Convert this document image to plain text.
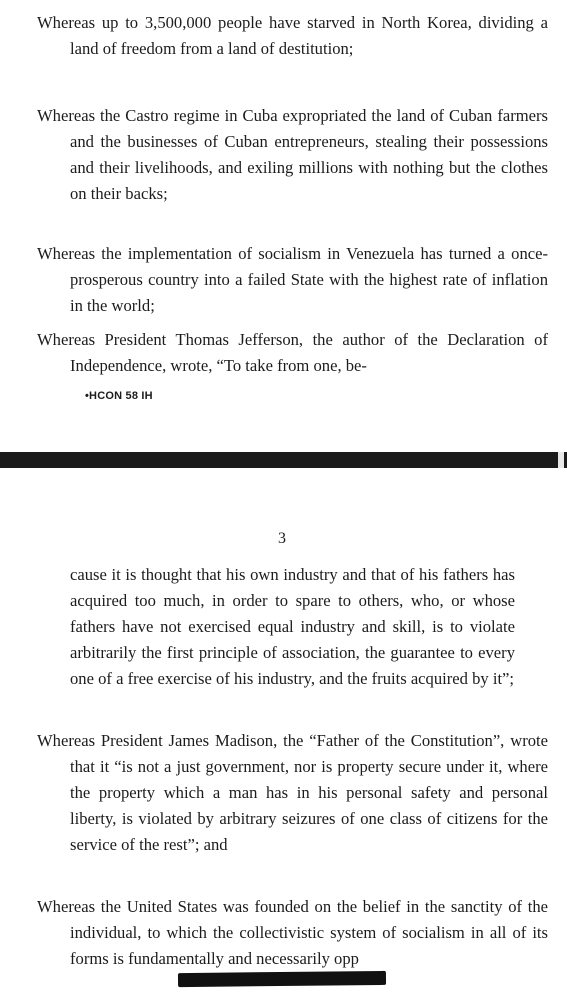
Whereas up to 3,500,000 people have starved in North Korea, dividing a land of freedom from a land of destitution;

Whereas the Castro regime in Cuba expropriated the land of Cuban farmers and the businesses of Cuban entrepreneurs, stealing their possessions and their livelihoods, and exiling millions with nothing but the clothes on their backs;

Whereas the implementation of socialism in Venezuela has turned a once-prosperous country into a failed State with the highest rate of inflation in the world;

Whereas President Thomas Jefferson, the author of the Declaration of Independence, wrote, “To take from one, be-

•HCON 58 IH
3

cause it is thought that his own industry and that of his fathers has acquired too much, in order to spare to others, who, or whose fathers have not exercised equal industry and skill, is to violate arbitrarily the first principle of association, the guarantee to every one of a free exercise of his industry, and the fruits acquired by it”;

Whereas President James Madison, the “Father of the Constitution”, wrote that it “is not a just government, nor is property secure under it, where the property which a man has in his personal safety and personal liberty, is violated by arbitrary seizures of one class of citizens for the service of the rest”; and

Whereas the United States was founded on the belief in the sanctity of the individual, to which the collectivistic system of socialism in all of its forms is fundamentally and necessarily opp
